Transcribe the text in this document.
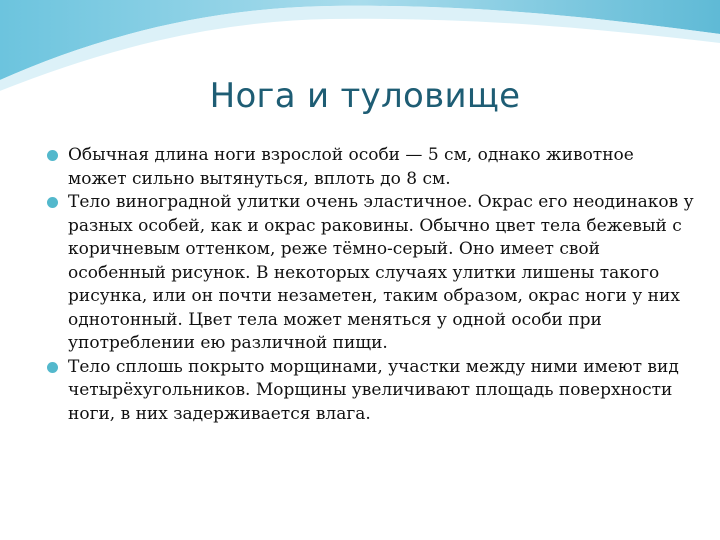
Нога и туловище
Обычная длина ноги взрослой особи — 5 см, однако животное может сильно вытянуться, вплоть до 8 см.
Тело виноградной улитки очень эластичное. Окрас его неодинаков у разных особей, как и окрас раковины. Обычно цвет тела бежевый с коричневым оттенком, реже тёмно-серый. Оно имеет свой особенный рисунок. В некоторых случаях улитки лишены такого рисунка, или он почти незаметен, таким образом, окрас ноги у них однотонный. Цвет тела может меняться у одной особи при употреблении ею различной пищи.
Тело сплошь покрыто морщинами, участки между ними имеют вид четырёхугольников. Морщины увеличивают площадь поверхности ноги, в них задерживается влага.
